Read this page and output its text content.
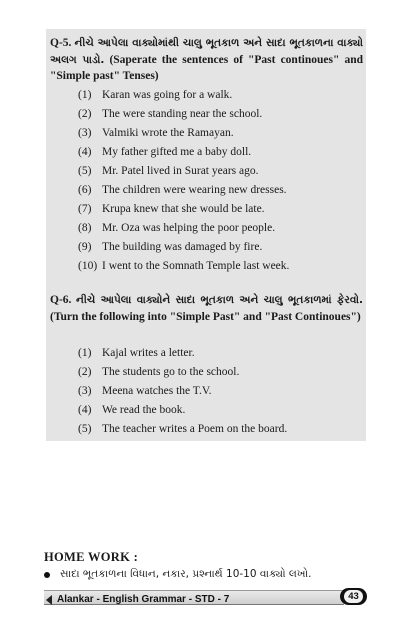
Q-5. નીચે આપેલા વાક્યોમાંથી ચાલુ ભૂતકાળ અને સાદા ભૂતકાળના વાક્યો અલગ પાડો. (Saperate the sentences of "Past continoues" and "Simple past" Tenses)
(1) Karan was going for a walk.
(2) The were standing near the school.
(3) Valmiki wrote the Ramayan.
(4) My father gifted me a baby doll.
(5) Mr. Patel lived in Surat years ago.
(6) The children were wearing new dresses.
(7) Krupa knew that she would be late.
(8) Mr. Oza was helping the poor people.
(9) The building was damaged by fire.
(10) I went to the Somnath Temple last week.
Q-6. નીચે આપેલા વાક્યોને સાદા ભૂતકાળ અને ચાલુ ભૂતકાળમાં ફેરવો. (Turn the following into "Simple Past" and "Past Continoues")
(1) Kajal writes a letter.
(2) The students go to the school.
(3) Meena watches the T.V.
(4) We read the book.
(5) The teacher writes a Poem on the board.
HOME WORK :
સાદા ભૂતકાળના વિધાન, નકાર, પ્રશ્નાર્થ 10-10 વાક્યો લખો.
Alankar - English Grammar - STD - 7	43
